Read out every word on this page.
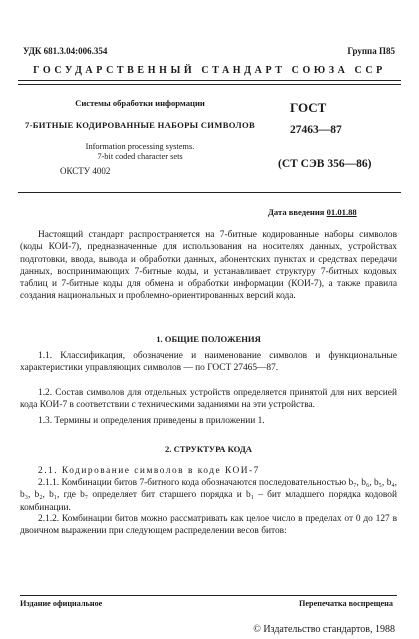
УДК 681.3.04:006.354	Группа П85
ГОСУДАРСТВЕННЫЙ СТАНДАРТ СОЮЗА ССР
Системы обработки информации
7-БИТНЫЕ КОДИРОВАННЫЕ НАБОРЫ СИМВОЛОВ
Information processing systems.
7-bit coded character sets
ГОСТ
27463—87
(СТ СЭВ 356—86)
ОКСТУ 4002
Дата введения 01.01.88
Настоящий стандарт распространяется на 7-битные кодированные наборы символов (коды КОИ-7), предназначенные для использования на носителях данных, устройствах подготовки, ввода, вывода и обработки данных, абонентских пунктах и средствах передачи данных, воспринимающих 7-битные коды, и устанавливает структуру 7-битных кодовых таблиц и 7-битные коды для обмена и обработки информации (КОИ-7), а также правила создания национальных и проблемно-ориентированных версий кода.
1. ОБЩИЕ ПОЛОЖЕНИЯ
1.1. Классификация, обозначение и наименование символов и функциональные характеристики управляющих символов — по ГОСТ 27465—87.
1.2. Состав символов для отдельных устройств определяется принятой для них версией кода КОИ-7 в соответствии с техническими заданиями на эти устройства.
1.3. Термины и определения приведены в приложении 1.
2. СТРУКТУРА КОДА
2.1. Кодирование символов в коде КОИ-7
2.1.1. Комбинации битов 7-битного кода обозначаются последовательностью b₇, b₆, b₅, b₄, b₃, b₂, b₁, где b₇ определяет бит старшего порядка и b₁ – бит младшего порядка кодовой комбинации.
2.1.2. Комбинации битов можно рассматривать как целое число в пределах от 0 до 127 в двоичном выражении при следующем распределении весов битов:
Издание официальное	Перепечатка воспрещена
© Издательство стандартов, 1988
